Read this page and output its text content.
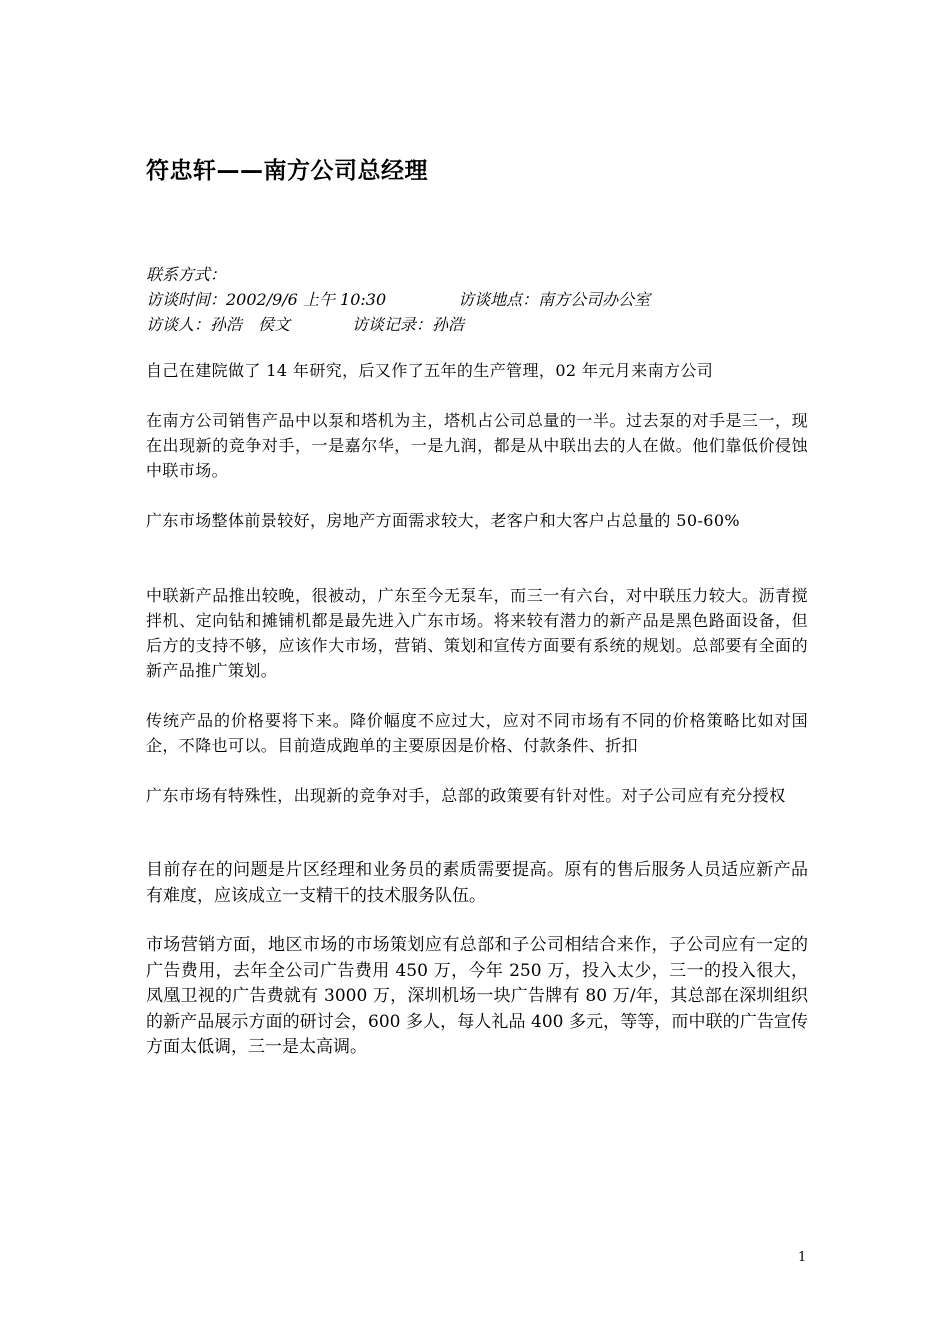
符忠轩——南方公司总经理
联系方式：
访谈时间：2002/9/6 上午 10:30	访谈地点：南方公司办公室
访谈人：孙浩　侯文	访谈记录：孙浩
自己在建院做了 14 年研究，后又作了五年的生产管理，02 年元月来南方公司
在南方公司销售产品中以泵和塔机为主，塔机占公司总量的一半。过去泵的对手是三一，现在出现新的竞争对手，一是嘉尔华，一是九润，都是从中联出去的人在做。他们靠低价侵蚀中联市场。
广东市场整体前景较好，房地产方面需求较大，老客户和大客户占总量的 50-60%
中联新产品推出较晚，很被动，广东至今无泵车，而三一有六台，对中联压力较大。沥青搅拌机、定向钻和摊铺机都是最先进入广东市场。将来较有潜力的新产品是黑色路面设备，但后方的支持不够，应该作大市场，营销、策划和宣传方面要有系统的规划。总部要有全面的新产品推广策划。
传统产品的价格要将下来。降价幅度不应过大，应对不同市场有不同的价格策略比如对国企，不降也可以。目前造成跑单的主要原因是价格、付款条件、折扣
广东市场有特殊性，出现新的竞争对手，总部的政策要有针对性。对子公司应有充分授权
目前存在的问题是片区经理和业务员的素质需要提高。原有的售后服务人员适应新产品有难度，应该成立一支精干的技术服务队伍。
市场营销方面，地区市场的市场策划应有总部和子公司相结合来作，子公司应有一定的广告费用，去年全公司广告费用 450 万，今年 250 万，投入太少，三一的投入很大，凤凰卫视的广告费就有 3000 万，深圳机场一块广告牌有 80 万/年，其总部在深圳组织的新产品展示方面的研讨会，600 多人，每人礼品 400 多元，等等，而中联的广告宣传方面太低调，三一是太高调。
1
